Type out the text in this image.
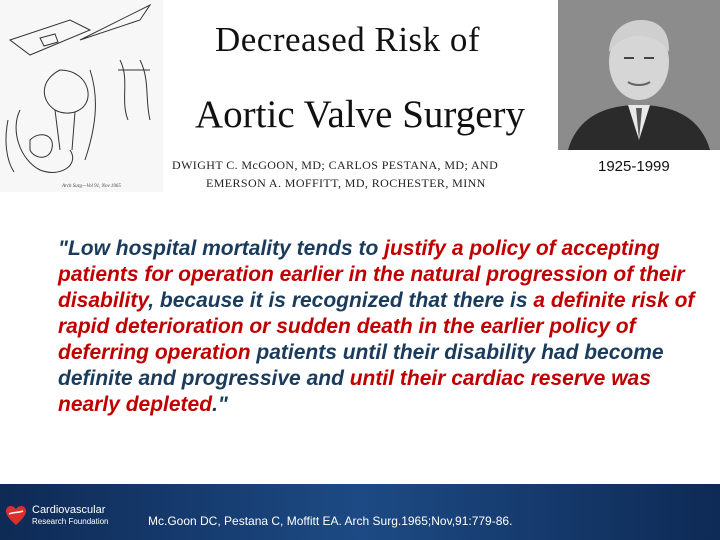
Arch Surg—Vol 91, Nov 1965
Decreased Risk of
Aortic Valve Surgery
DWIGHT C. McGOON, MD; CARLOS PESTANA, MD; AND
EMERSON A. MOFFITT, MD, ROCHESTER, MINN
1925-1999
"Low hospital mortality tends to justify a policy of accepting patients for operation earlier in the natural progression of their disability, because it is recognized that there is a definite risk of rapid deterioration or sudden death in the earlier policy of deferring operation patients until their disability had become definite and progressive and until their cardiac reserve was nearly depleted."
Cardiovascular
Research Foundation	Mc.Goon DC, Pestana C, Moffitt EA. Arch Surg.1965;Nov,91:779-86.
